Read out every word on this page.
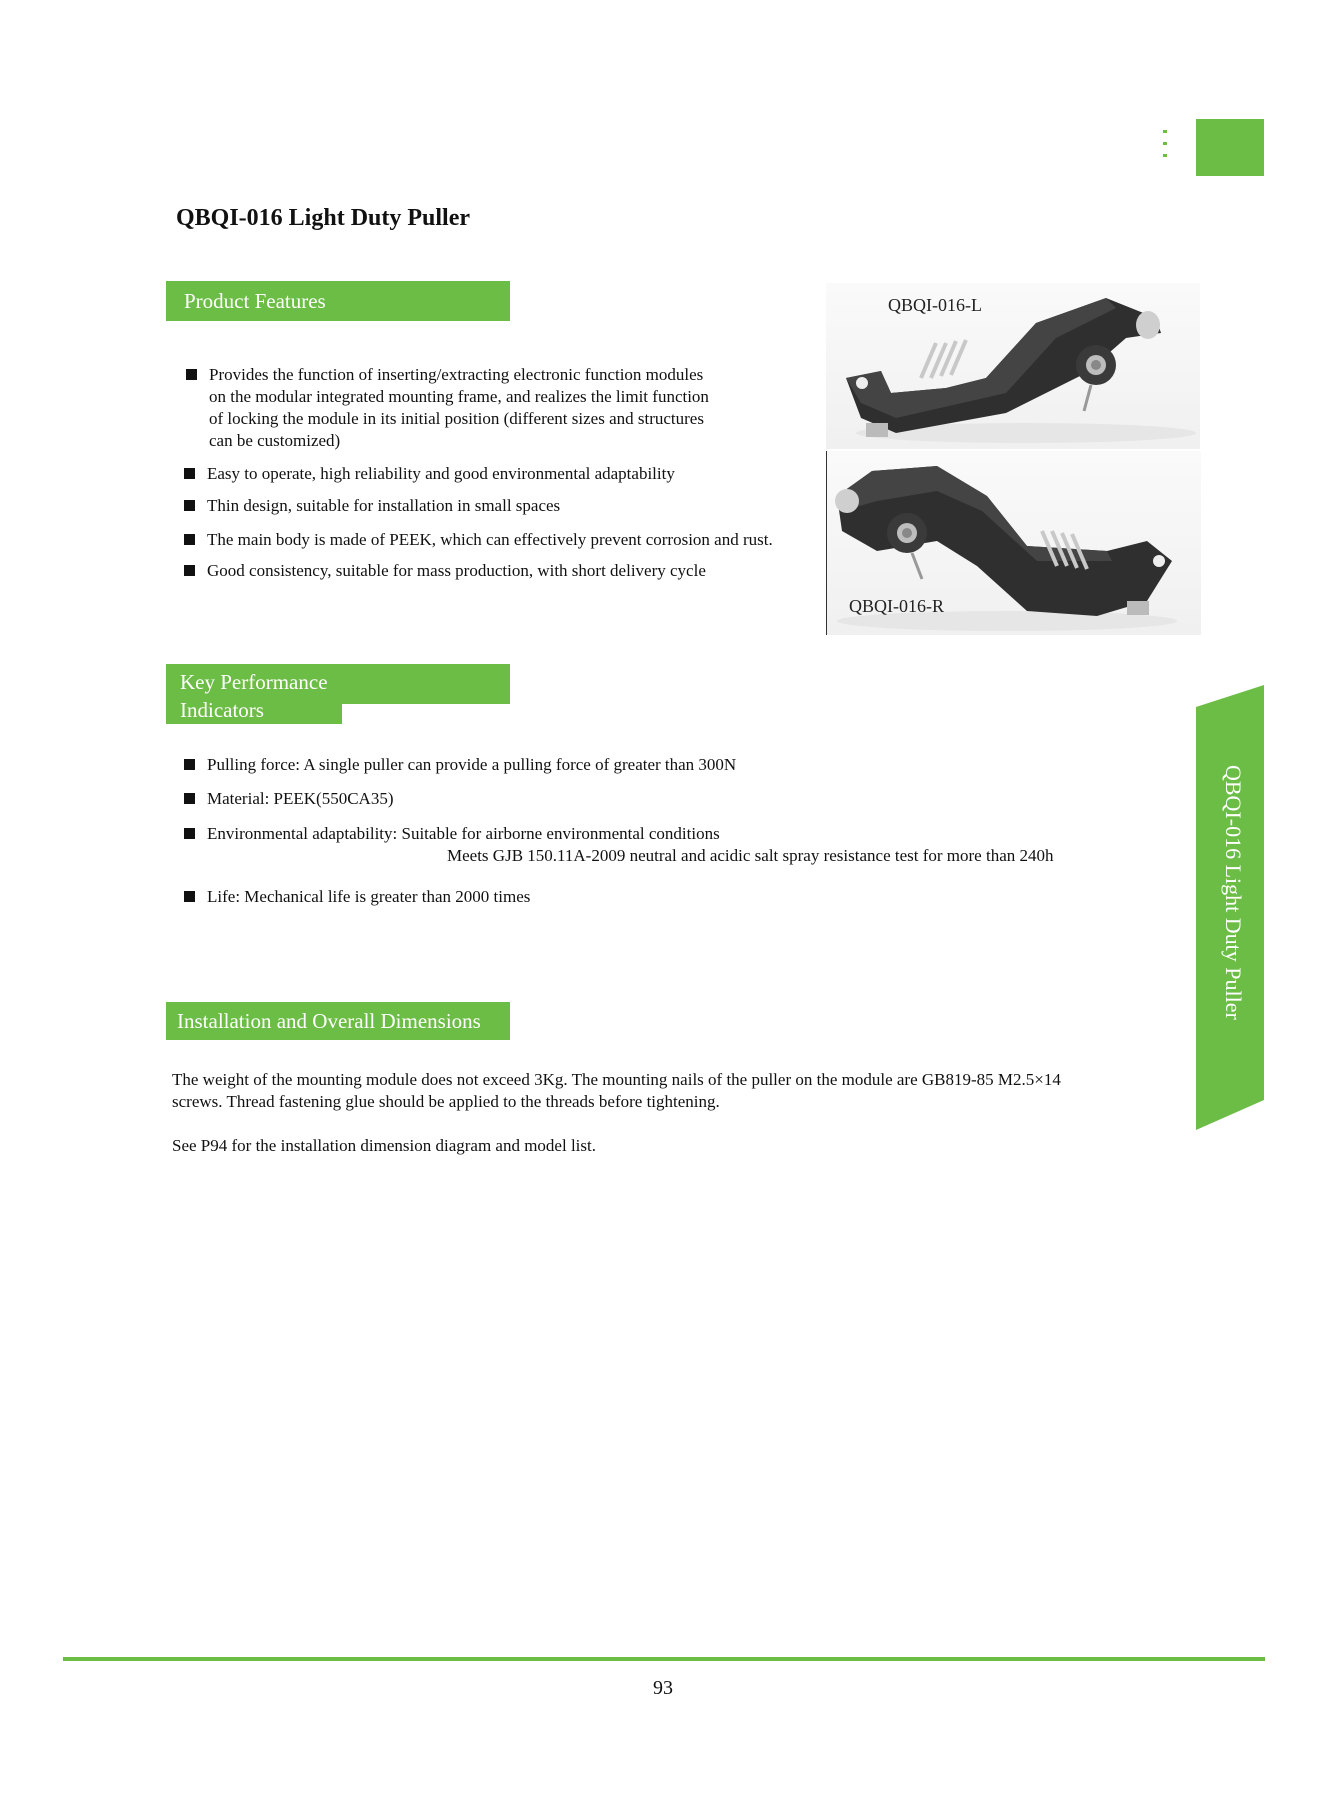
QBQI-016 Light Duty Puller
Product Features
Provides the function of inserting/extracting electronic function modules
on the modular integrated mounting frame, and realizes the limit function
of locking the module in its initial position (different sizes and structures
can be customized)
Easy to operate, high reliability and good environmental adaptability
Thin design, suitable for installation in small spaces
The main body is made of PEEK, which can effectively prevent corrosion and rust.
Good consistency, suitable for mass production, with short delivery cycle
QBQI-016-L
QBQI-016-R
Key Performance
Indicators
Pulling force: A single puller can provide a pulling force of greater than 300N
Material: PEEK(550CA35)
Environmental adaptability: Suitable for airborne environmental conditions
Meets GJB 150.11A-2009 neutral and acidic salt spray resistance test for more than 240h
Life: Mechanical life is greater than 2000 times
Installation and Overall Dimensions
The weight of the mounting module does not exceed 3Kg. The mounting nails of the puller on the module are GB819-85 M2.5×14
screws. Thread fastening glue should be applied to the threads before tightening.
See P94 for the installation dimension diagram and model list.
QBQI-016 Light Duty Puller
93
